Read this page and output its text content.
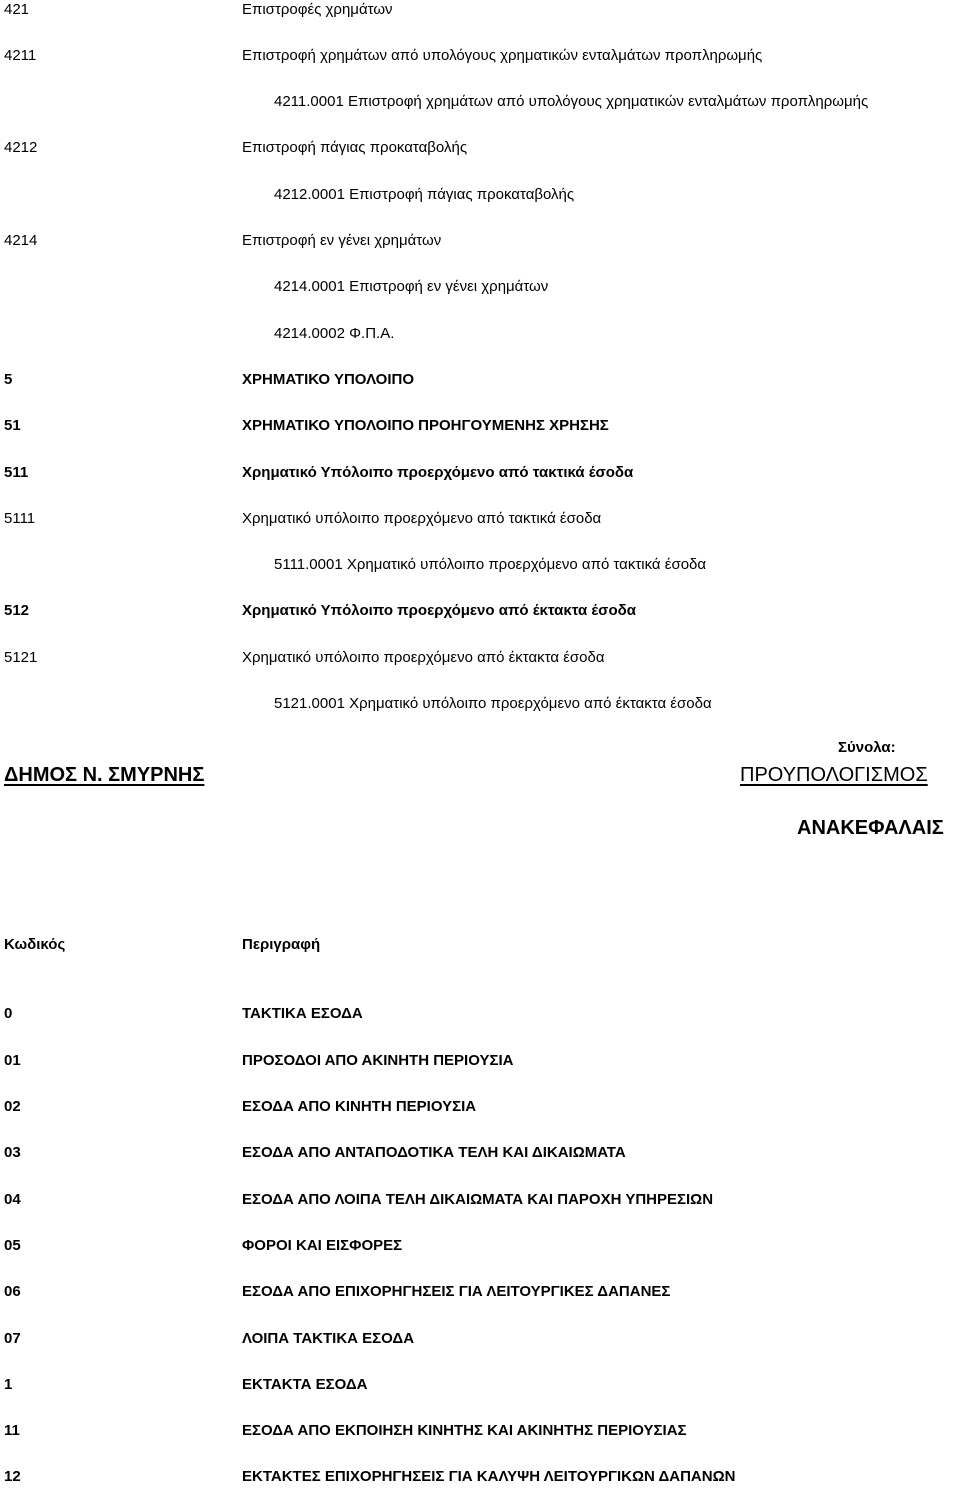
421	Επιστροφές χρημάτων
4211	Επιστροφή χρημάτων από υπολόγους χρηματικών ενταλμάτων προπληρωμής
4211.0001 Επιστροφή χρημάτων από υπολόγους χρηματικών ενταλμάτων προπληρωμής
4212	Επιστροφή πάγιας προκαταβολής
4212.0001 Επιστροφή πάγιας προκαταβολής
4214	Επιστροφή εν γένει χρημάτων
4214.0001 Επιστροφή εν γένει χρημάτων
4214.0002 Φ.Π.Α.
5	ΧΡΗΜΑΤΙΚΟ ΥΠΟΛΟΙΠΟ
51	ΧΡΗΜΑΤΙΚΟ ΥΠΟΛΟΙΠΟ ΠΡΟΗΓΟΥΜΕΝΗΣ ΧΡΗΣΗΣ
511	Χρηματικό Υπόλοιπο προερχόμενο από τακτικά έσοδα
5111	Χρηματικό υπόλοιπο προερχόμενο από τακτικά έσοδα
5111.0001 Χρηματικό υπόλοιπο προερχόμενο από τακτικά έσοδα
512	Χρηματικό Υπόλοιπο προερχόμενο από έκτακτα έσοδα
5121	Χρηματικό υπόλοιπο προερχόμενο από έκτακτα έσοδα
5121.0001 Χρηματικό υπόλοιπο προερχόμενο από έκτακτα έσοδα
Σύνολα:
ΔΗΜΟΣ Ν. ΣΜΥΡΝΗΣ	ΠΡΟΥΠΟΛΟΓΙΣΜΟΣ
ΑΝΑΚΕΦΑΛΑΙΣ
Κωδικός	Περιγραφή
0	ΤΑΚΤΙΚΑ ΕΣΟΔΑ
01	ΠΡΟΣΟΔΟΙ ΑΠΟ ΑΚΙΝΗΤΗ ΠΕΡΙΟΥΣΙΑ
02	ΕΣΟΔΑ ΑΠΟ ΚΙΝΗΤΗ ΠΕΡΙΟΥΣΙΑ
03	ΕΣΟΔΑ ΑΠΟ ΑΝΤΑΠΟΔΟΤΙΚΑ ΤΕΛΗ ΚΑΙ ΔΙΚΑΙΩΜΑΤΑ
04	ΕΣΟΔΑ ΑΠΟ ΛΟΙΠΑ ΤΕΛΗ ΔΙΚΑΙΩΜΑΤΑ ΚΑΙ ΠΑΡΟΧΗ ΥΠΗΡΕΣΙΩΝ
05	ΦΟΡΟΙ ΚΑΙ ΕΙΣΦΟΡΕΣ
06	ΕΣΟΔΑ ΑΠΟ ΕΠΙΧΟΡΗΓΗΣΕΙΣ ΓΙΑ ΛΕΙΤΟΥΡΓΙΚΕΣ ΔΑΠΑΝΕΣ
07	ΛΟΙΠΑ ΤΑΚΤΙΚΑ ΕΣΟΔΑ
1	ΕΚΤΑΚΤΑ ΕΣΟΔΑ
11	ΕΣΟΔΑ ΑΠΟ ΕΚΠΟΙΗΣΗ ΚΙΝΗΤΗΣ ΚΑΙ ΑΚΙΝΗΤΗΣ ΠΕΡΙΟΥΣΙΑΣ
12	ΕΚΤΑΚΤΕΣ ΕΠΙΧΟΡΗΓΗΣΕΙΣ ΓΙΑ ΚΑΛΥΨΗ ΛΕΙΤΟΥΡΓΙΚΩΝ ΔΑΠΑΝΩΝ
